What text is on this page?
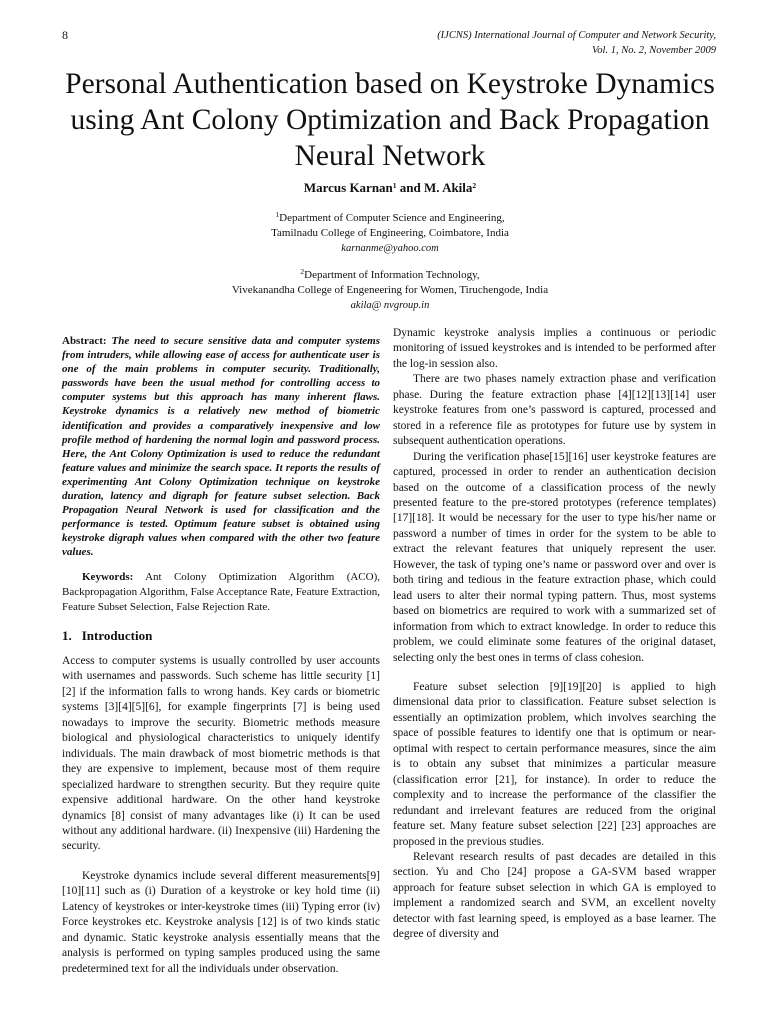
8	(IJCNS) International Journal of Computer and Network Security,
Vol. 1, No. 2, November 2009
Personal Authentication based on Keystroke Dynamics using Ant Colony Optimization and Back Propagation Neural Network
Marcus Karnan$^1$ and M. Akila$^2$
$^1$Department of Computer Science and Engineering,
Tamilnadu College of Engineering, Coimbatore, India
karnanme@yahoo.com
$^2$Department of Information Technology,
Vivekanandha College of Engeneering for Women, Tiruchengode, India
akila@ nvgroup.in
Abstract: The need to secure sensitive data and computer systems from intruders, while allowing ease of access for authenticate user is one of the main problems in computer security. Traditionally, passwords have been the usual method for controlling access to computer systems but this approach has many inherent flaws. Keystroke dynamics is a relatively new method of biometric identification and provides a comparatively inexpensive and low profile method of hardening the normal login and password process. Here, the Ant Colony Optimization is used to reduce the redundant feature values and minimize the search space. It reports the results of experimenting Ant Colony Optimization technique on keystroke duration, latency and digraph for feature subset selection. Back Propagation Neural Network is used for classification and the performance is tested. Optimum feature subset is obtained using keystroke digraph values when compared with the other two feature values.
Keywords: Ant Colony Optimization Algorithm (ACO), Backpropagation Algorithm, False Acceptance Rate, Feature Extraction, Feature Subset Selection, False Rejection Rate.
1. Introduction

Access to computer systems is usually controlled by user accounts with usernames and passwords. Such scheme has little security [1][2] if the information falls to wrong hands. Key cards or biometric systems [3][4][5][6], for example fingerprints [7] is being used nowadays to improve the security. Biometric methods measure biological and physiological characteristics to uniquely identify individuals. The main drawback of most biometric methods is that they are expensive to implement, because most of them require specialized hardware to strengthen security. But they require quite expensive additional hardware. On the other hand keystroke dynamics [8] consist of many advantages like (i) It can be used without any additional hardware. (ii) Inexpensive (iii) Hardening the security.

Keystroke dynamics include several different measurements[9][10][11] such as (i) Duration of a keystroke or key hold time (ii) Latency of keystrokes or inter-keystroke times (iii) Typing error (iv) Force keystrokes etc. Keystroke analysis [12] is of two kinds static and dynamic. Static keystroke analysis essentially means that the analysis is performed on typing samples produced using the same predetermined text for all the individuals under observation.

Dynamic keystroke analysis implies a continuous or periodic monitoring of issued keystrokes and is intended to be performed after the log-in session also.

There are two phases namely extraction phase and verification phase. During the feature extraction phase [4][12][13][14] user keystroke features from one’s password is captured, processed and stored in a reference file as prototypes for future use by system in subsequent authentication operations.

During the verification phase[15][16] user keystroke features are captured, processed in order to render an authentication decision based on the outcome of a classification process of the newly presented feature to the pre-stored prototypes (reference templates) [17][18]. It would be necessary for the user to type his/her name or password a number of times in order for the system to be able to extract the relevant features that uniquely represent the user. However, the task of typing one’s name or password over and over is both tiring and tedious in the feature extraction phase, which could lead users to alter their normal typing pattern. Thus, most systems based on biometrics are required to work with a summarized set of information from which to extract knowledge. In order to reduce this problem, we could eliminate some features of the original dataset, selecting only the best ones in terms of class cohesion.

Feature subset selection [9][19][20] is applied to high dimensional data prior to classification. Feature subset selection is essentially an optimization problem, which involves searching the space of possible features to identify one that is optimum or near-optimal with respect to certain performance measures, since the aim is to obtain any subset that minimizes a particular measure (classification error [21], for instance). In order to reduce the complexity and to increase the performance of the classifier the redundant and irrelevant features are reduced from the original feature set. Many feature subset selection [22] [23] approaches are proposed in the previous studies.

Relevant research results of past decades are detailed in this section. Yu and Cho [24] propose a GA-SVM based wrapper approach for feature subset selection in which GA is employed to implement a randomized search and SVM, an excellent novelty detector with fast learning speed, is employed as a base learner. The degree of diversity and
